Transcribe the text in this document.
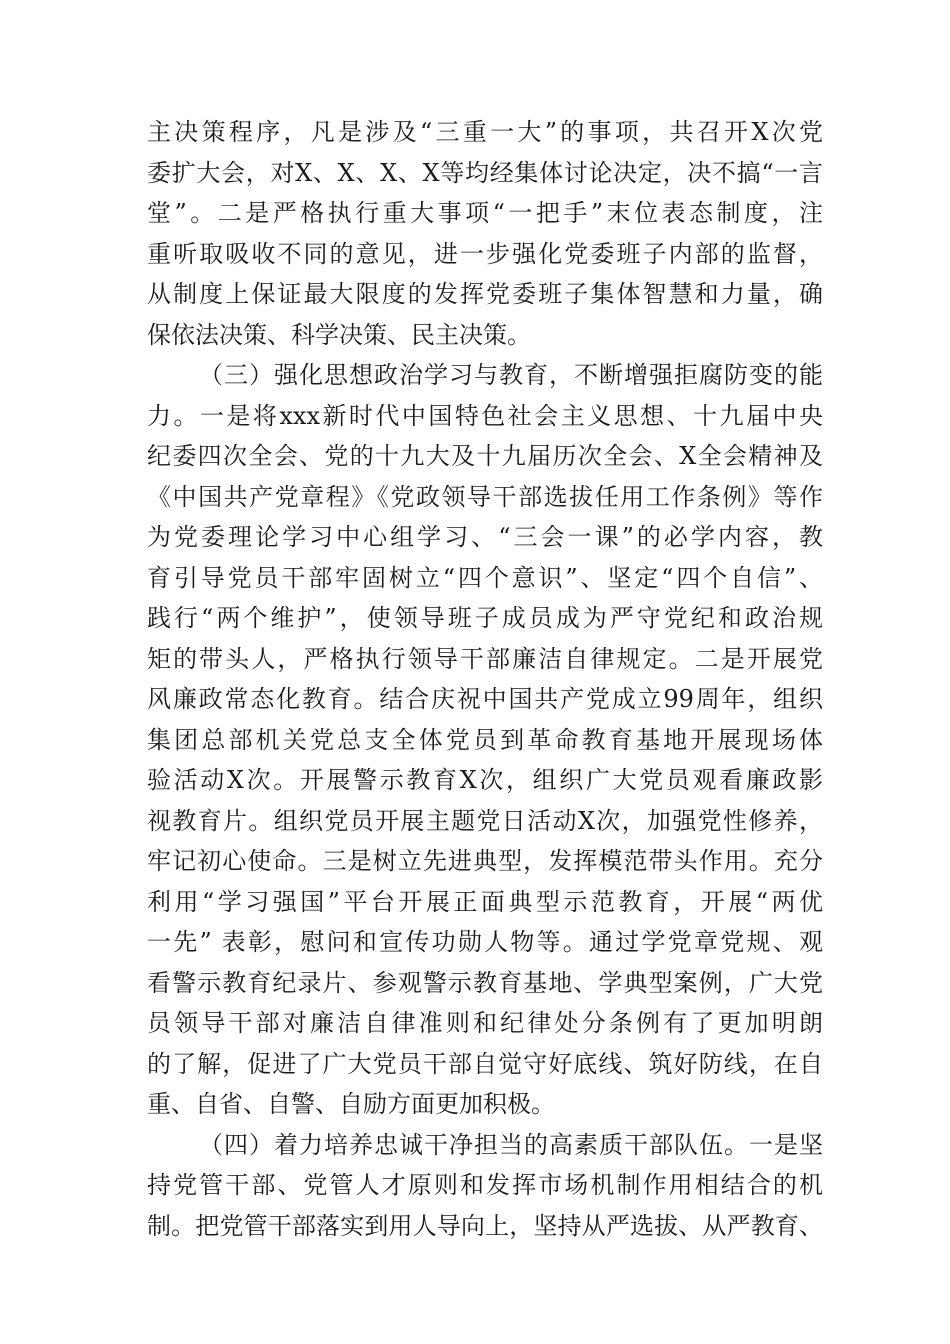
主决策程序，凡是涉及“三重一大”的事项，共召开X次党
委扩大会，对X、X、X、X等均经集体讨论决定，决不搞“一言
堂”。二是严格执行重大事项“一把手”末位表态制度，注
重听取吸收不同的意见，进一步强化党委班子内部的监督，
从制度上保证最大限度的发挥党委班子集体智慧和力量，确
保依法决策、科学决策、民主决策。
（三）强化思想政治学习与教育，不断增强拒腐防变的能
力。一是将xxx新时代中国特色社会主义思想、十九届中央
纪委四次全会、党的十九大及十九届历次全会、X全会精神及
《中国共产党章程》《党政领导干部选拔任用工作条例》等作
为党委理论学习中心组学习、“三会一课”的必学内容，教
育引导党员干部牢固树立“四个意识”、坚定“四个自信”、
践行“两个维护”，使领导班子成员成为严守党纪和政治规
矩的带头人，严格执行领导干部廉洁自律规定。二是开展党
风廉政常态化教育。结合庆祝中国共产党成立99周年，组织
集团总部机关党总支全体党员到革命教育基地开展现场体
验活动X次。开展警示教育X次，组织广大党员观看廉政影
视教育片。组织党员开展主题党日活动X次，加强党性修养，
牢记初心使命。三是树立先进典型，发挥模范带头作用。充分
利用“学习强国”平台开展正面典型示范教育，开展“两优
一先” 表彰，慰问和宣传功勋人物等。通过学党章党规、观
看警示教育纪录片、参观警示教育基地、学典型案例，广大党
员领导干部对廉洁自律准则和纪律处分条例有了更加明朗
的了解，促进了广大党员干部自觉守好底线、筑好防线，在自
重、自省、自警、自励方面更加积极。
（四）着力培养忠诚干净担当的高素质干部队伍。一是坚
持党管干部、党管人才原则和发挥市场机制作用相结合的机
制。把党管干部落实到用人导向上，坚持从严选拔、从严教育、
